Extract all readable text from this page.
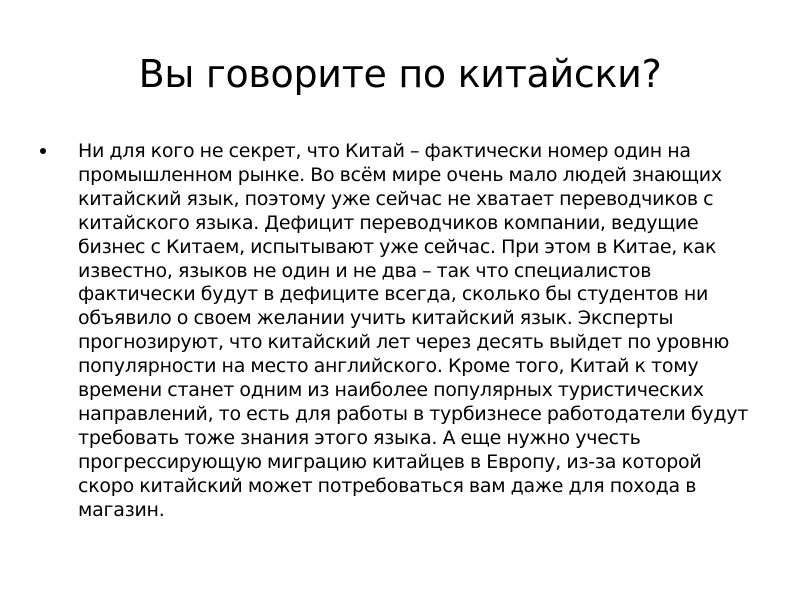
Вы говорите по китайски?
Ни для кого не секрет, что Китай – фактически номер один на промышленном рынке. Во всём мире очень мало людей знающих китайский язык, поэтому уже сейчас не хватает переводчиков с китайского языка. Дефицит переводчиков компании, ведущие бизнес с Китаем, испытывают уже сейчас. При этом в Китае, как известно, языков не один и не два – так что специалистов фактически будут в дефиците всегда, сколько бы студентов ни объявило о своем желании учить китайский язык. Эксперты прогнозируют, что китайский лет через десять выйдет по уровню популярности на место английского. Кроме того, Китай к тому времени станет одним из наиболее популярных туристических направлений, то есть для работы в турбизнесе работодатели будут требовать тоже знания этого языка. А еще нужно учесть прогрессирующую миграцию китайцев в Европу, из-за которой скоро китайский может потребоваться вам даже для похода в магазин.
